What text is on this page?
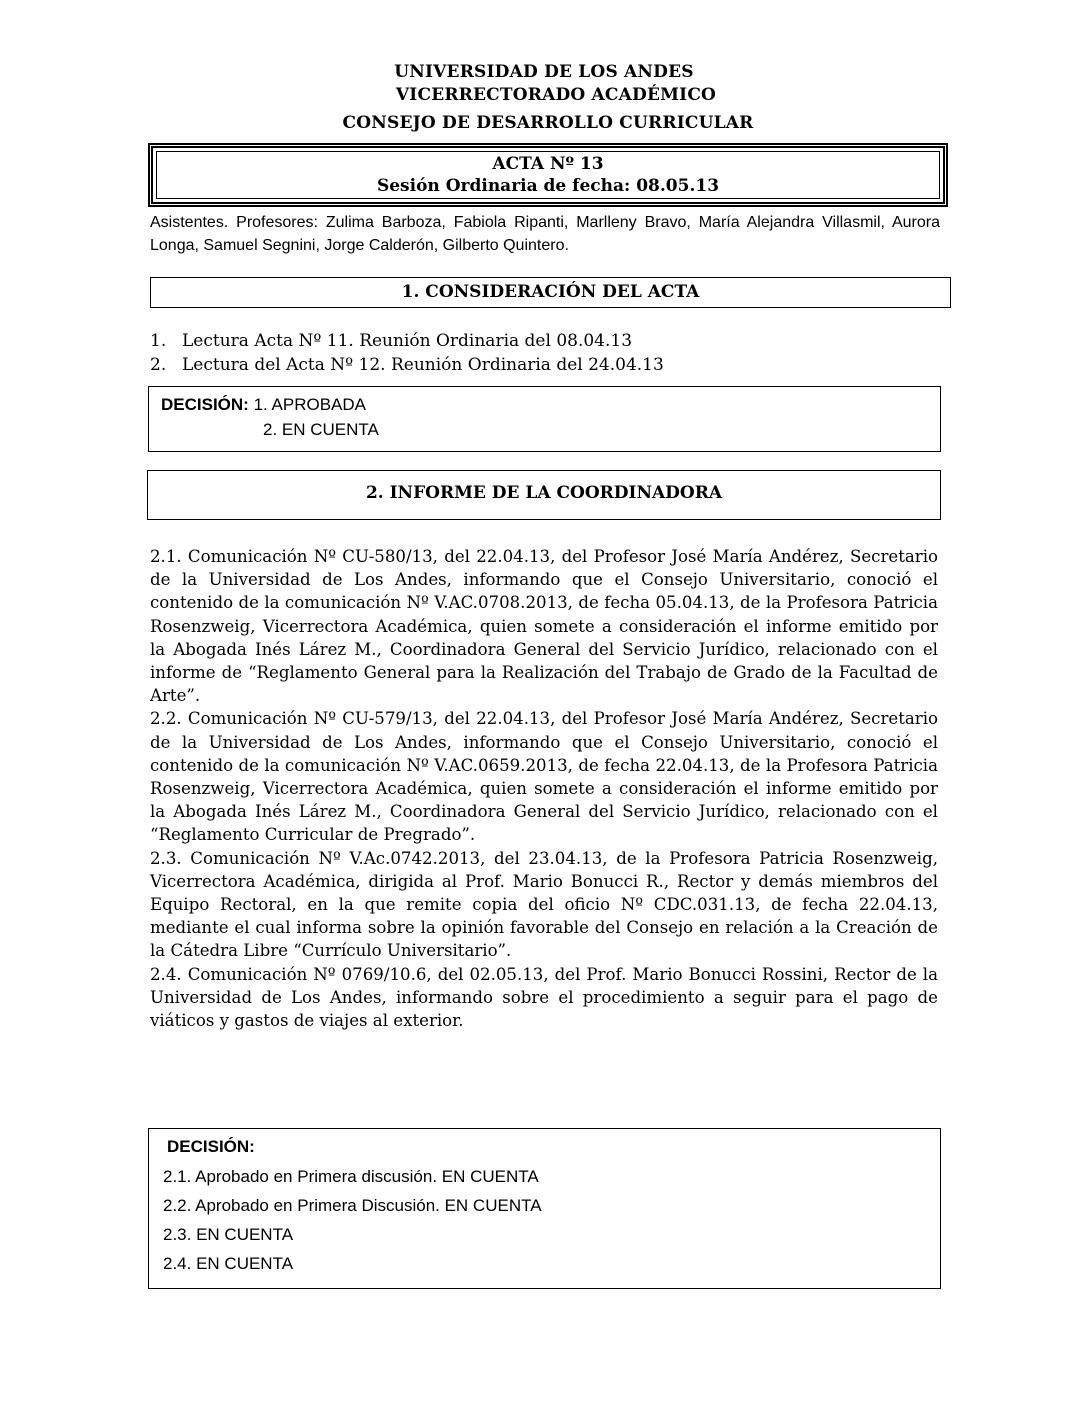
UNIVERSIDAD DE LOS ANDES
VICERRECTORADO ACADÉMICO
CONSEJO DE DESARROLLO CURRICULAR
ACTA Nº 13
Sesión Ordinaria de fecha: 08.05.13
Asistentes. Profesores: Zulima Barboza, Fabiola Ripanti, Marlleny Bravo, María Alejandra Villasmil, Aurora Longa, Samuel Segnini, Jorge Calderón, Gilberto Quintero.
1. CONSIDERACIÓN DEL ACTA
1. Lectura Acta Nº 11. Reunión Ordinaria del 08.04.13
2. Lectura del Acta Nº 12. Reunión Ordinaria del 24.04.13
DECISIÓN: 1. APROBADA
2. EN CUENTA
2. INFORME DE LA COORDINADORA

2.1. Comunicación Nº CU-580/13, del 22.04.13, del Profesor José María Andérez, Secretario de la Universidad de Los Andes, informando que el Consejo Universitario, conoció el contenido de la comunicación Nº V.AC.0708.2013, de fecha 05.04.13, de la Profesora Patricia Rosenzweig, Vicerrectora Académica, quien somete a consideración el informe emitido por la Abogada Inés Lárez M., Coordinadora General del Servicio Jurídico, relacionado con el informe de “Reglamento General para la Realización del Trabajo de Grado de la Facultad de Arte”.

2.2. Comunicación Nº CU-579/13, del 22.04.13, del Profesor José María Andérez, Secretario de la Universidad de Los Andes, informando que el Consejo Universitario, conoció el contenido de la comunicación Nº V.AC.0659.2013, de fecha 22.04.13, de la Profesora Patricia Rosenzweig, Vicerrectora Académica, quien somete a consideración el informe emitido por la Abogada Inés Lárez M., Coordinadora General del Servicio Jurídico, relacionado con el “Reglamento Curricular de Pregrado”.

2.3. Comunicación Nº V.Ac.0742.2013, del 23.04.13, de la Profesora Patricia Rosenzweig, Vicerrectora Académica, dirigida al Prof. Mario Bonucci R., Rector y demás miembros del Equipo Rectoral, en la que remite copia del oficio Nº CDC.031.13, de fecha 22.04.13, mediante el cual informa sobre la opinión favorable del Consejo en relación a la Creación de la Cátedra Libre “Currículo Universitario”.

2.4. Comunicación Nº 0769/10.6, del 02.05.13, del Prof. Mario Bonucci Rossini, Rector de la Universidad de Los Andes, informando sobre el procedimiento a seguir para el pago de viáticos y gastos de viajes al exterior.

DECISIÓN:
2.1. Aprobado en Primera discusión. EN CUENTA
2.2. Aprobado en Primera Discusión. EN CUENTA
2.3. EN CUENTA
2.4. EN CUENTA
